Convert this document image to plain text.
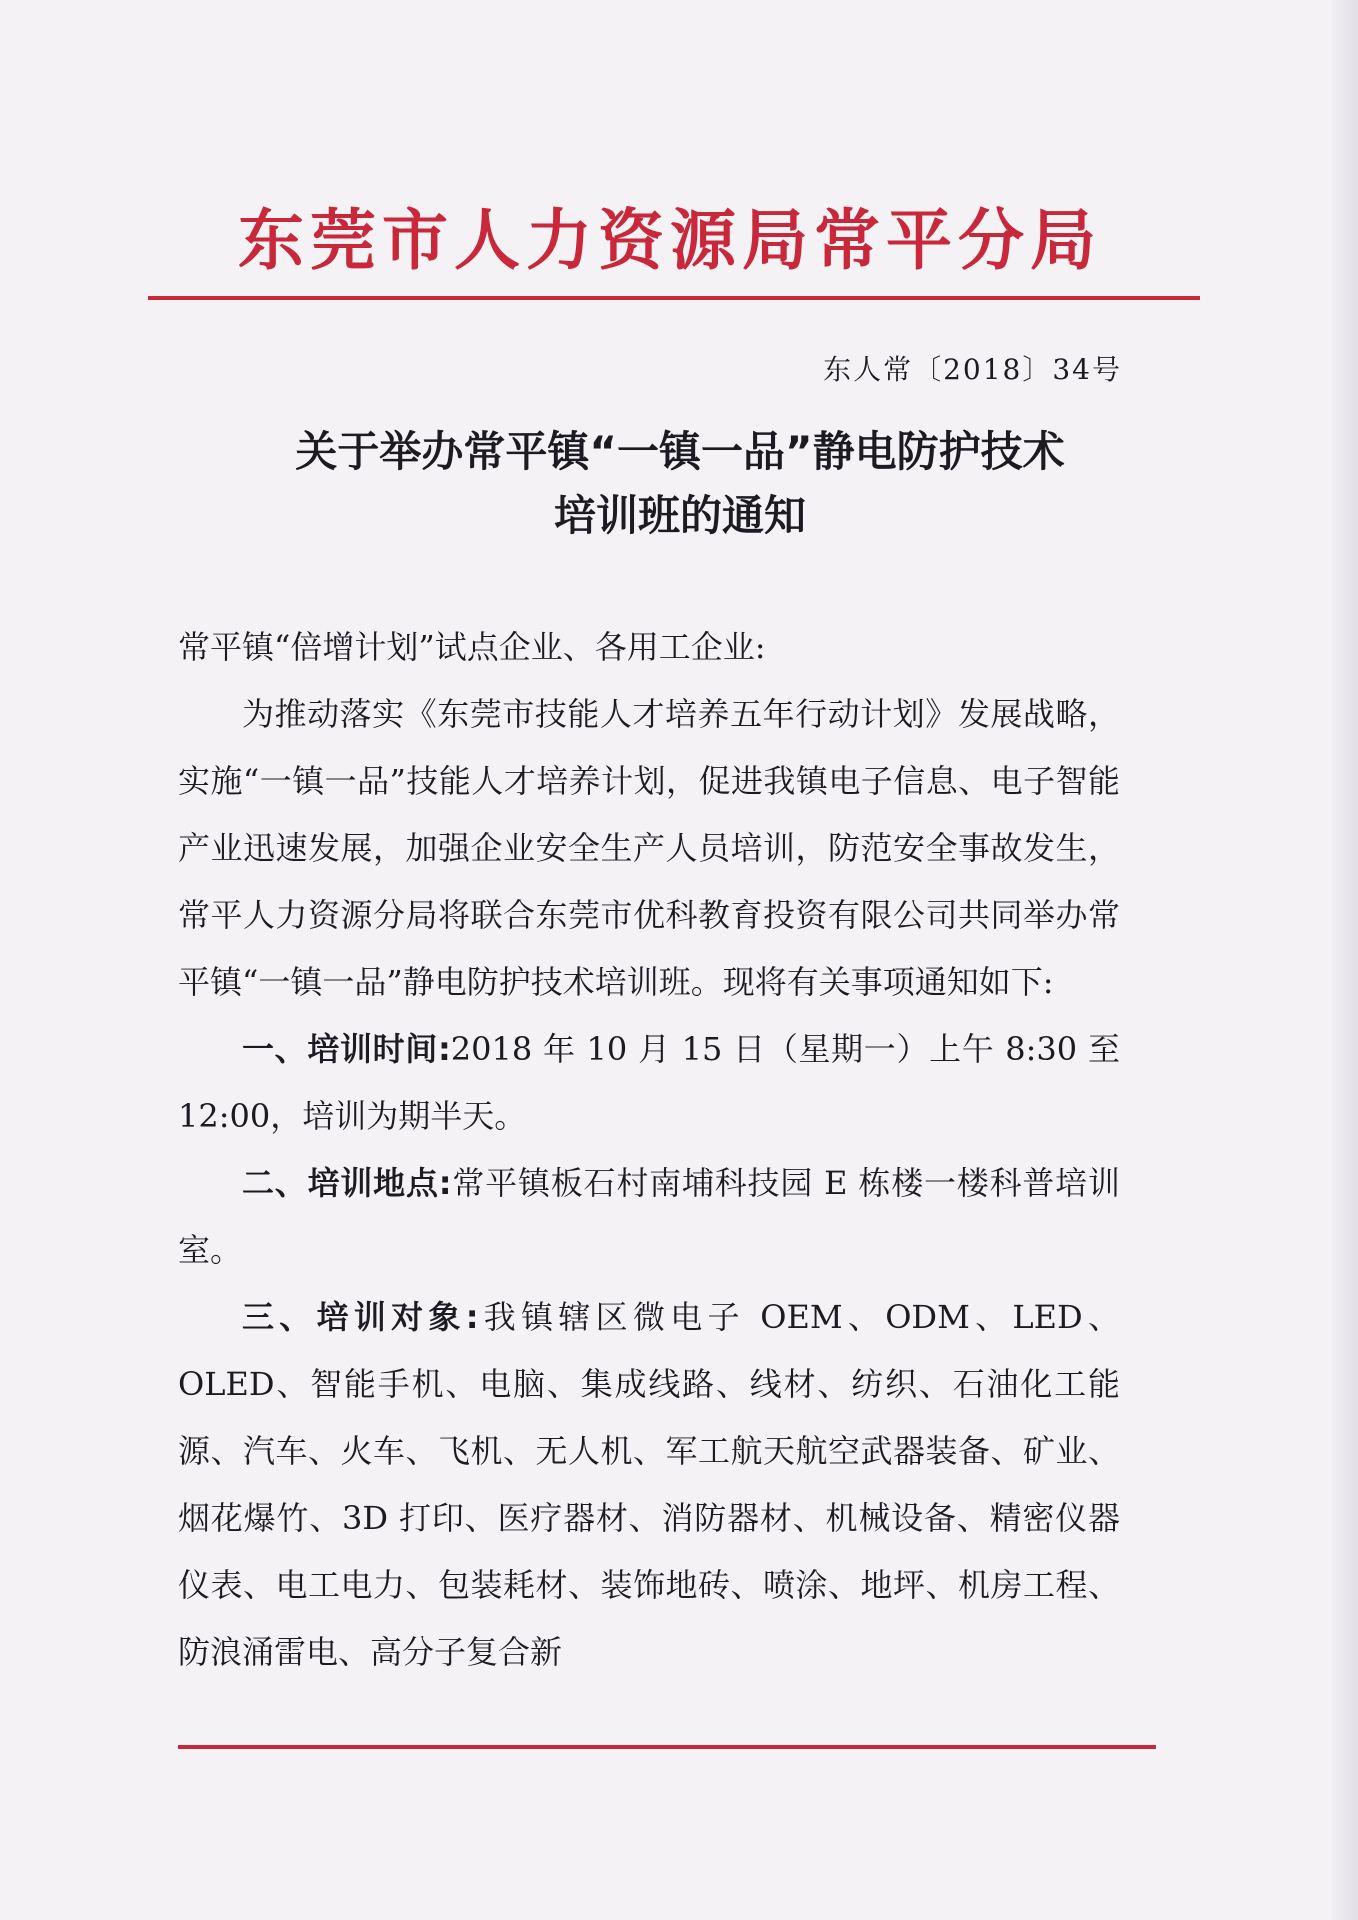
东莞市人力资源局常平分局
东人常〔2018〕34号
关于举办常平镇“一镇一品”静电防护技术
培训班的通知

常平镇“倍增计划”试点企业、各用工企业:

为推动落实《东莞市技能人才培养五年行动计划》发展战略，实施“一镇一品”技能人才培养计划，促进我镇电子信息、电子智能产业迅速发展，加强企业安全生产人员培训，防范安全事故发生，常平人力资源分局将联合东莞市优科教育投资有限公司共同举办常平镇“一镇一品”静电防护技术培训班。现将有关事项通知如下:

一、培训时间:2018 年 10 月 15 日（星期一）上午 8:30 至 12:00，培训为期半天。

二、培训地点:常平镇板石村南埔科技园 E 栋楼一楼科普培训室。

三、培训对象:我镇辖区微电子 OEM、ODM、LED、OLED、智能手机、电脑、集成线路、线材、纺织、石油化工能源、汽车、火车、飞机、无人机、军工航天航空武器装备、矿业、烟花爆竹、3D 打印、医疗器材、消防器材、机械设备、精密仪器仪表、电工电力、包装耗材、装饰地砖、喷涂、地坪、机房工程、防浪涌雷电、高分子复合新
